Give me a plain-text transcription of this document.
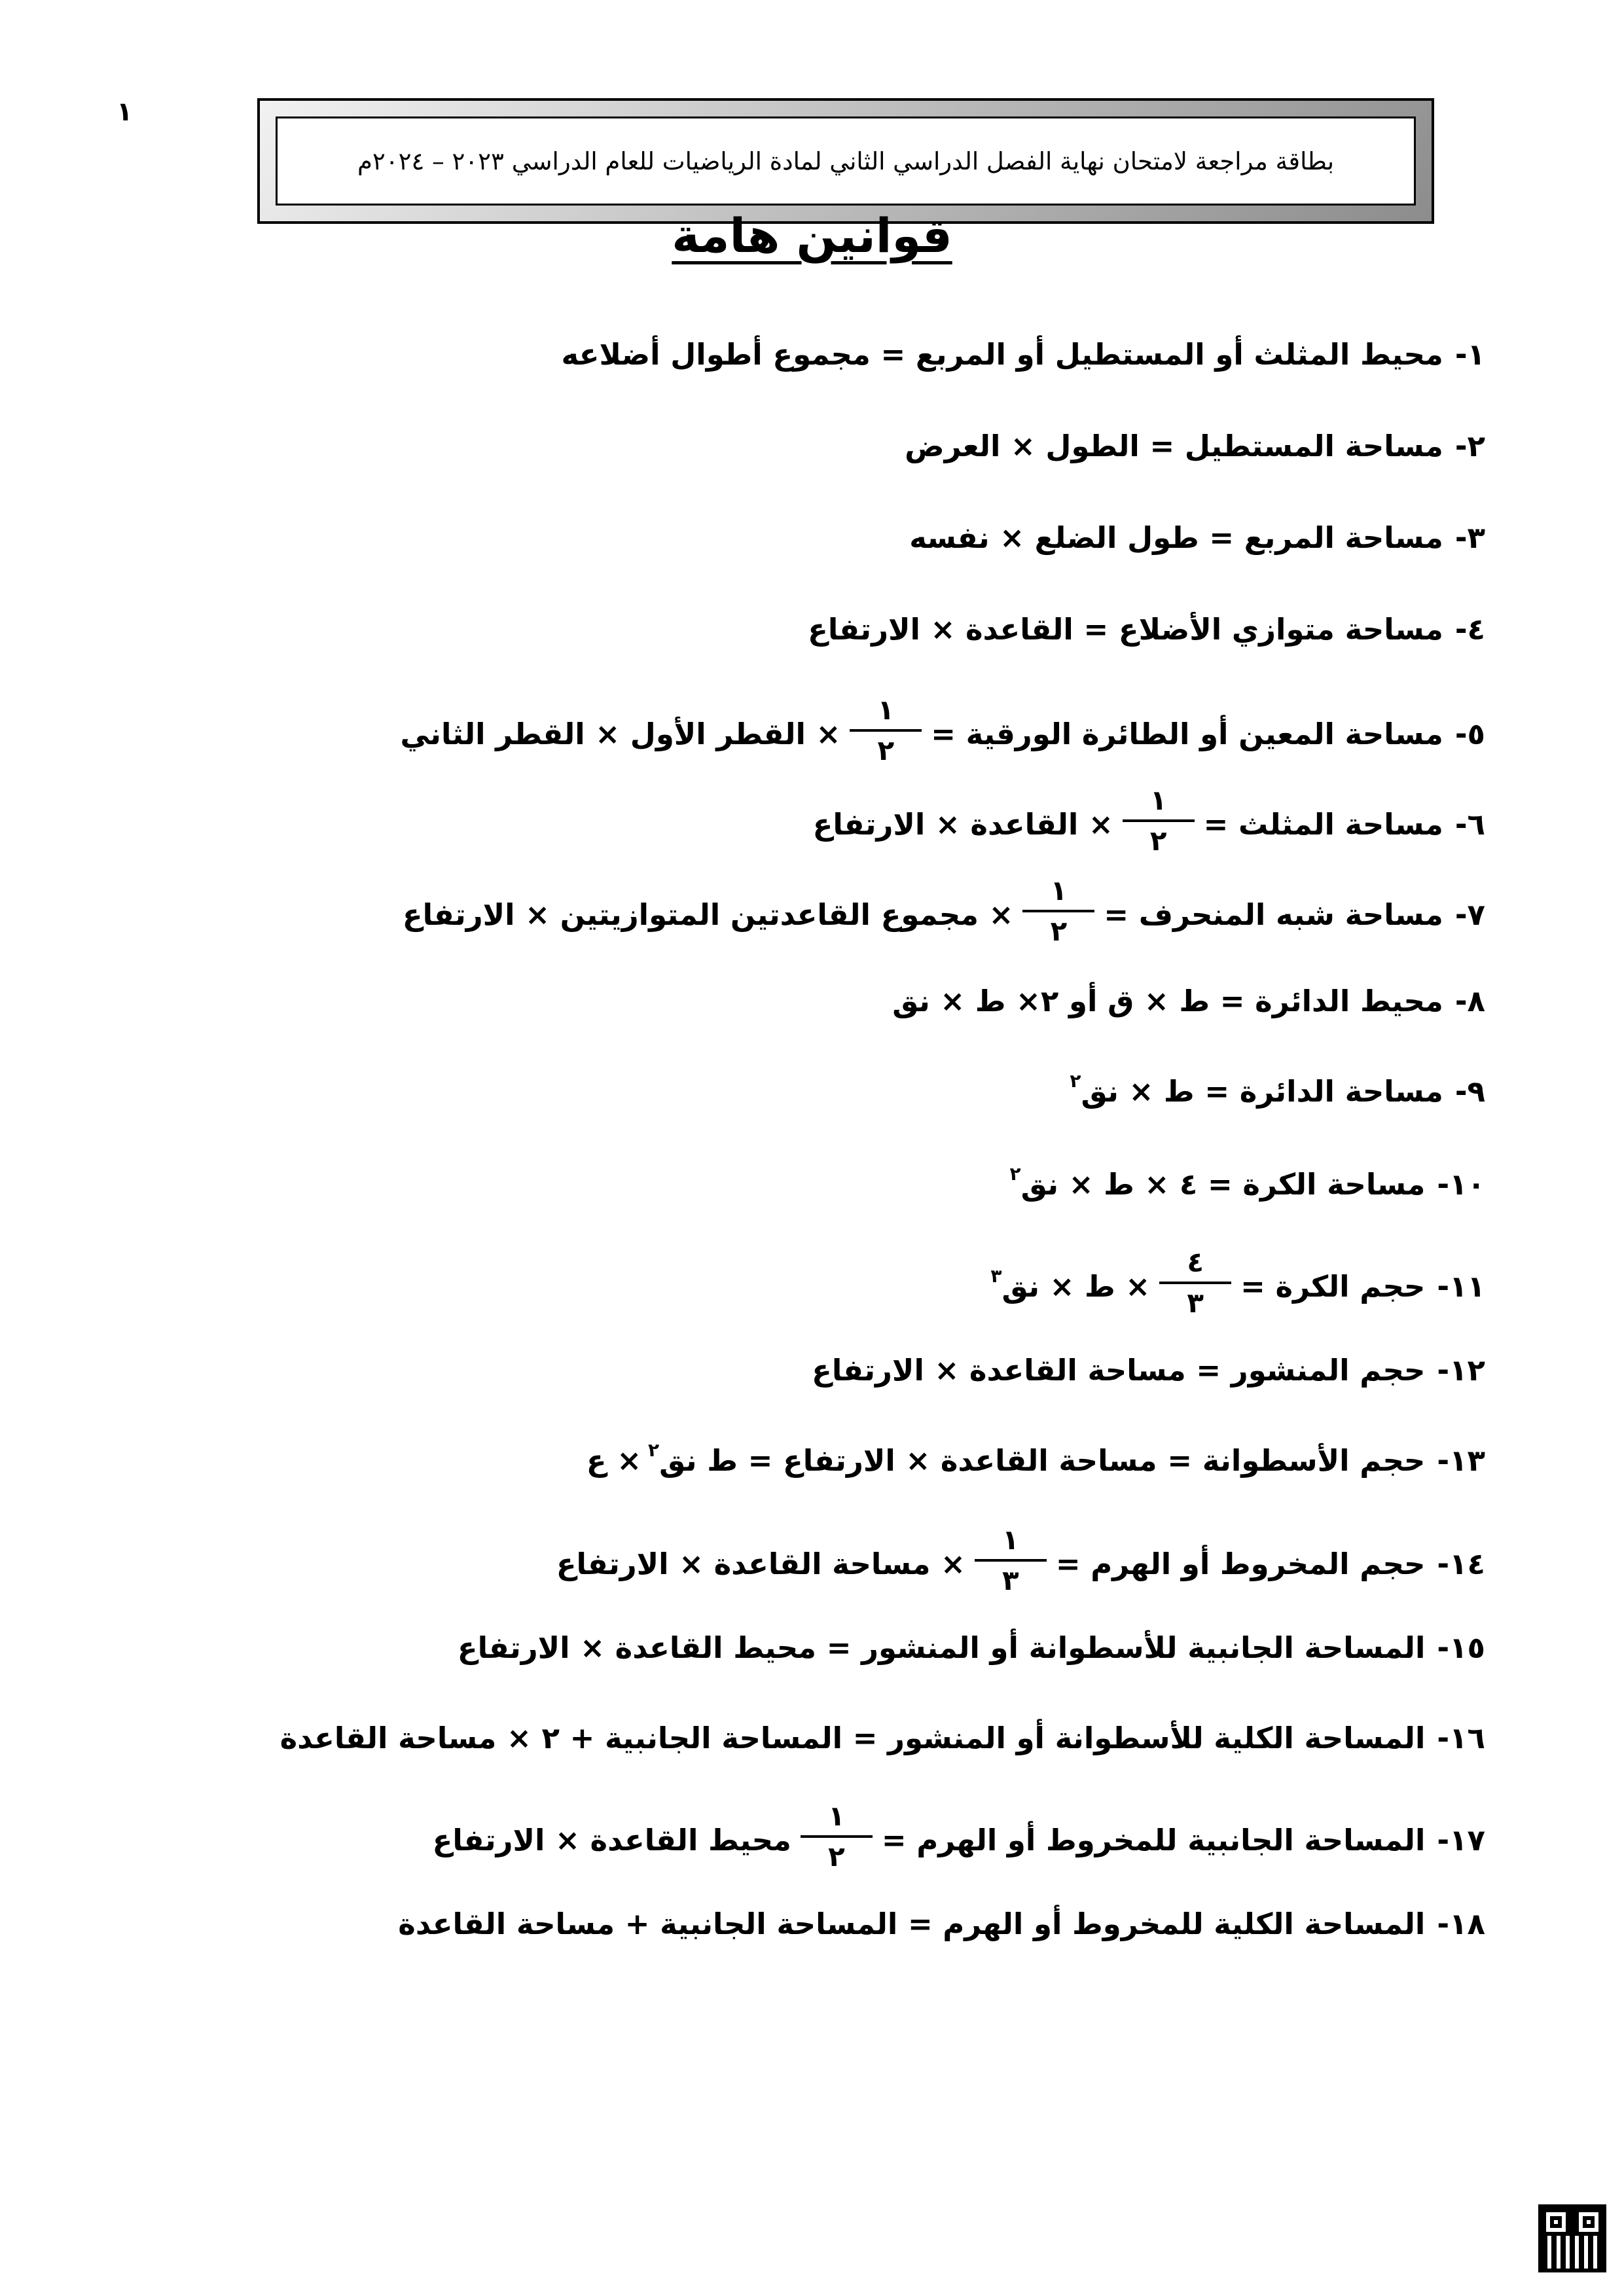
١
بطاقة مراجعة لامتحان نهاية الفصل الدراسي الثاني لمادة الرياضيات للعام الدراسي ٢٠٢٣ – ٢٠٢٤م
قوانين هامة
١-
محيط المثلث أو المستطيل أو المربع = مجموع أطوال أضلاعه
٢-
مساحة المستطيل = الطول × العرض
٣-
مساحة المربع = طول الضلع × نفسه
٤-
مساحة متوازي الأضلاع = القاعدة × الارتفاع
٥-
مساحة المعين أو الطائرة الورقية =
$\frac{١}{٢}$
× القطر الأول × القطر الثاني
٦-
مساحة المثلث =
$\frac{١}{٢}$
× القاعدة × الارتفاع
٧-
مساحة شبه المنحرف =
$\frac{١}{٢}$
× مجموع القاعدتين المتوازيتين × الارتفاع
٨-
محيط الدائرة = ط × ق أو ٢× ط × نق
٩-
مساحة الدائرة = ط × نق
$^٢$
١٠-
مساحة الكرة = ٤ × ط × نق
$^٢$
١١-
حجم الكرة =
$\frac{٤}{٣}$
× ط × نق
$^٣$
١٢-
حجم المنشور = مساحة القاعدة × الارتفاع
١٣-
حجم الأسطوانة = مساحة القاعدة × الارتفاع = ط نق
$^٢$
× ع
١٤-
حجم المخروط أو الهرم =
$\frac{١}{٣}$
× مساحة القاعدة × الارتفاع
١٥-
المساحة الجانبية للأسطوانة أو المنشور = محيط القاعدة × الارتفاع
١٦-
المساحة الكلية للأسطوانة أو المنشور = المساحة الجانبية + ٢ × مساحة القاعدة
١٧-
المساحة الجانبية للمخروط أو الهرم =
$\frac{١}{٢}$
محيط القاعدة × الارتفاع
١٨-
المساحة الكلية للمخروط أو الهرم = المساحة الجانبية + مساحة القاعدة
